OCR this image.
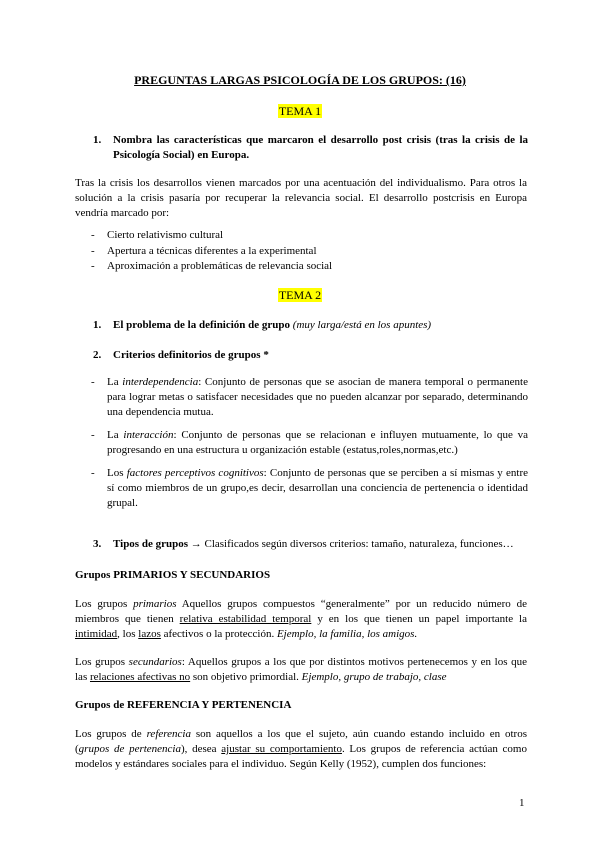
PREGUNTAS LARGAS PSICOLOGÍA DE LOS GRUPOS: (16)
TEMA 1
1. Nombra las características que marcaron el desarrollo post crisis (tras la crisis de la Psicología Social) en Europa.
Tras la crisis los desarrollos vienen marcados por una acentuación del individualismo. Para otros la solución a la crisis pasaría por recuperar la relevancia social. El desarrollo postcrisis en Europa vendría marcado por:
- Cierto relativismo cultural
- Apertura a técnicas diferentes a la experimental
- Aproximación a problemáticas de relevancia social
TEMA 2
1. El problema de la definición de grupo (muy larga/está en los apuntes)
2. Criterios definitorios de grupos *
- La interdependencia: Conjunto de personas que se asocian de manera temporal o permanente para lograr metas o satisfacer necesidades que no pueden alcanzar por separado, determinando una dependencia mutua.
- La interacción: Conjunto de personas que se relacionan e influyen mutuamente, lo que va progresando en una estructura u organización estable (estatus,roles,normas,etc.)
- Los factores perceptivos cognitivos: Conjunto de personas que se perciben a sí mismas y entre sí como miembros de un grupo,es decir, desarrollan una conciencia de pertenencia o identidad grupal.
3. Tipos de grupos → Clasificados según diversos criterios: tamaño, naturaleza, funciones…
Grupos PRIMARIOS Y SECUNDARIOS
Los grupos primarios Aquellos grupos compuestos “generalmente” por un reducido número de miembros que tienen relativa estabilidad temporal y en los que tienen un papel importante la intimidad, los lazos afectivos o la protección. Ejemplo, la familia, los amigos.
Los grupos secundarios: Aquellos grupos a los que por distintos motivos pertenecemos y en los que las relaciones afectivas no son objetivo primordial. Ejemplo, grupo de trabajo, clase
Grupos de REFERENCIA Y PERTENENCIA
Los grupos de referencia son aquellos a los que el sujeto, aún cuando estando incluido en otros (grupos de pertenencia), desea ajustar su comportamiento. Los grupos de referencia actúan como modelos y estándares sociales para el individuo. Según Kelly (1952), cumplen dos funciones:
1
